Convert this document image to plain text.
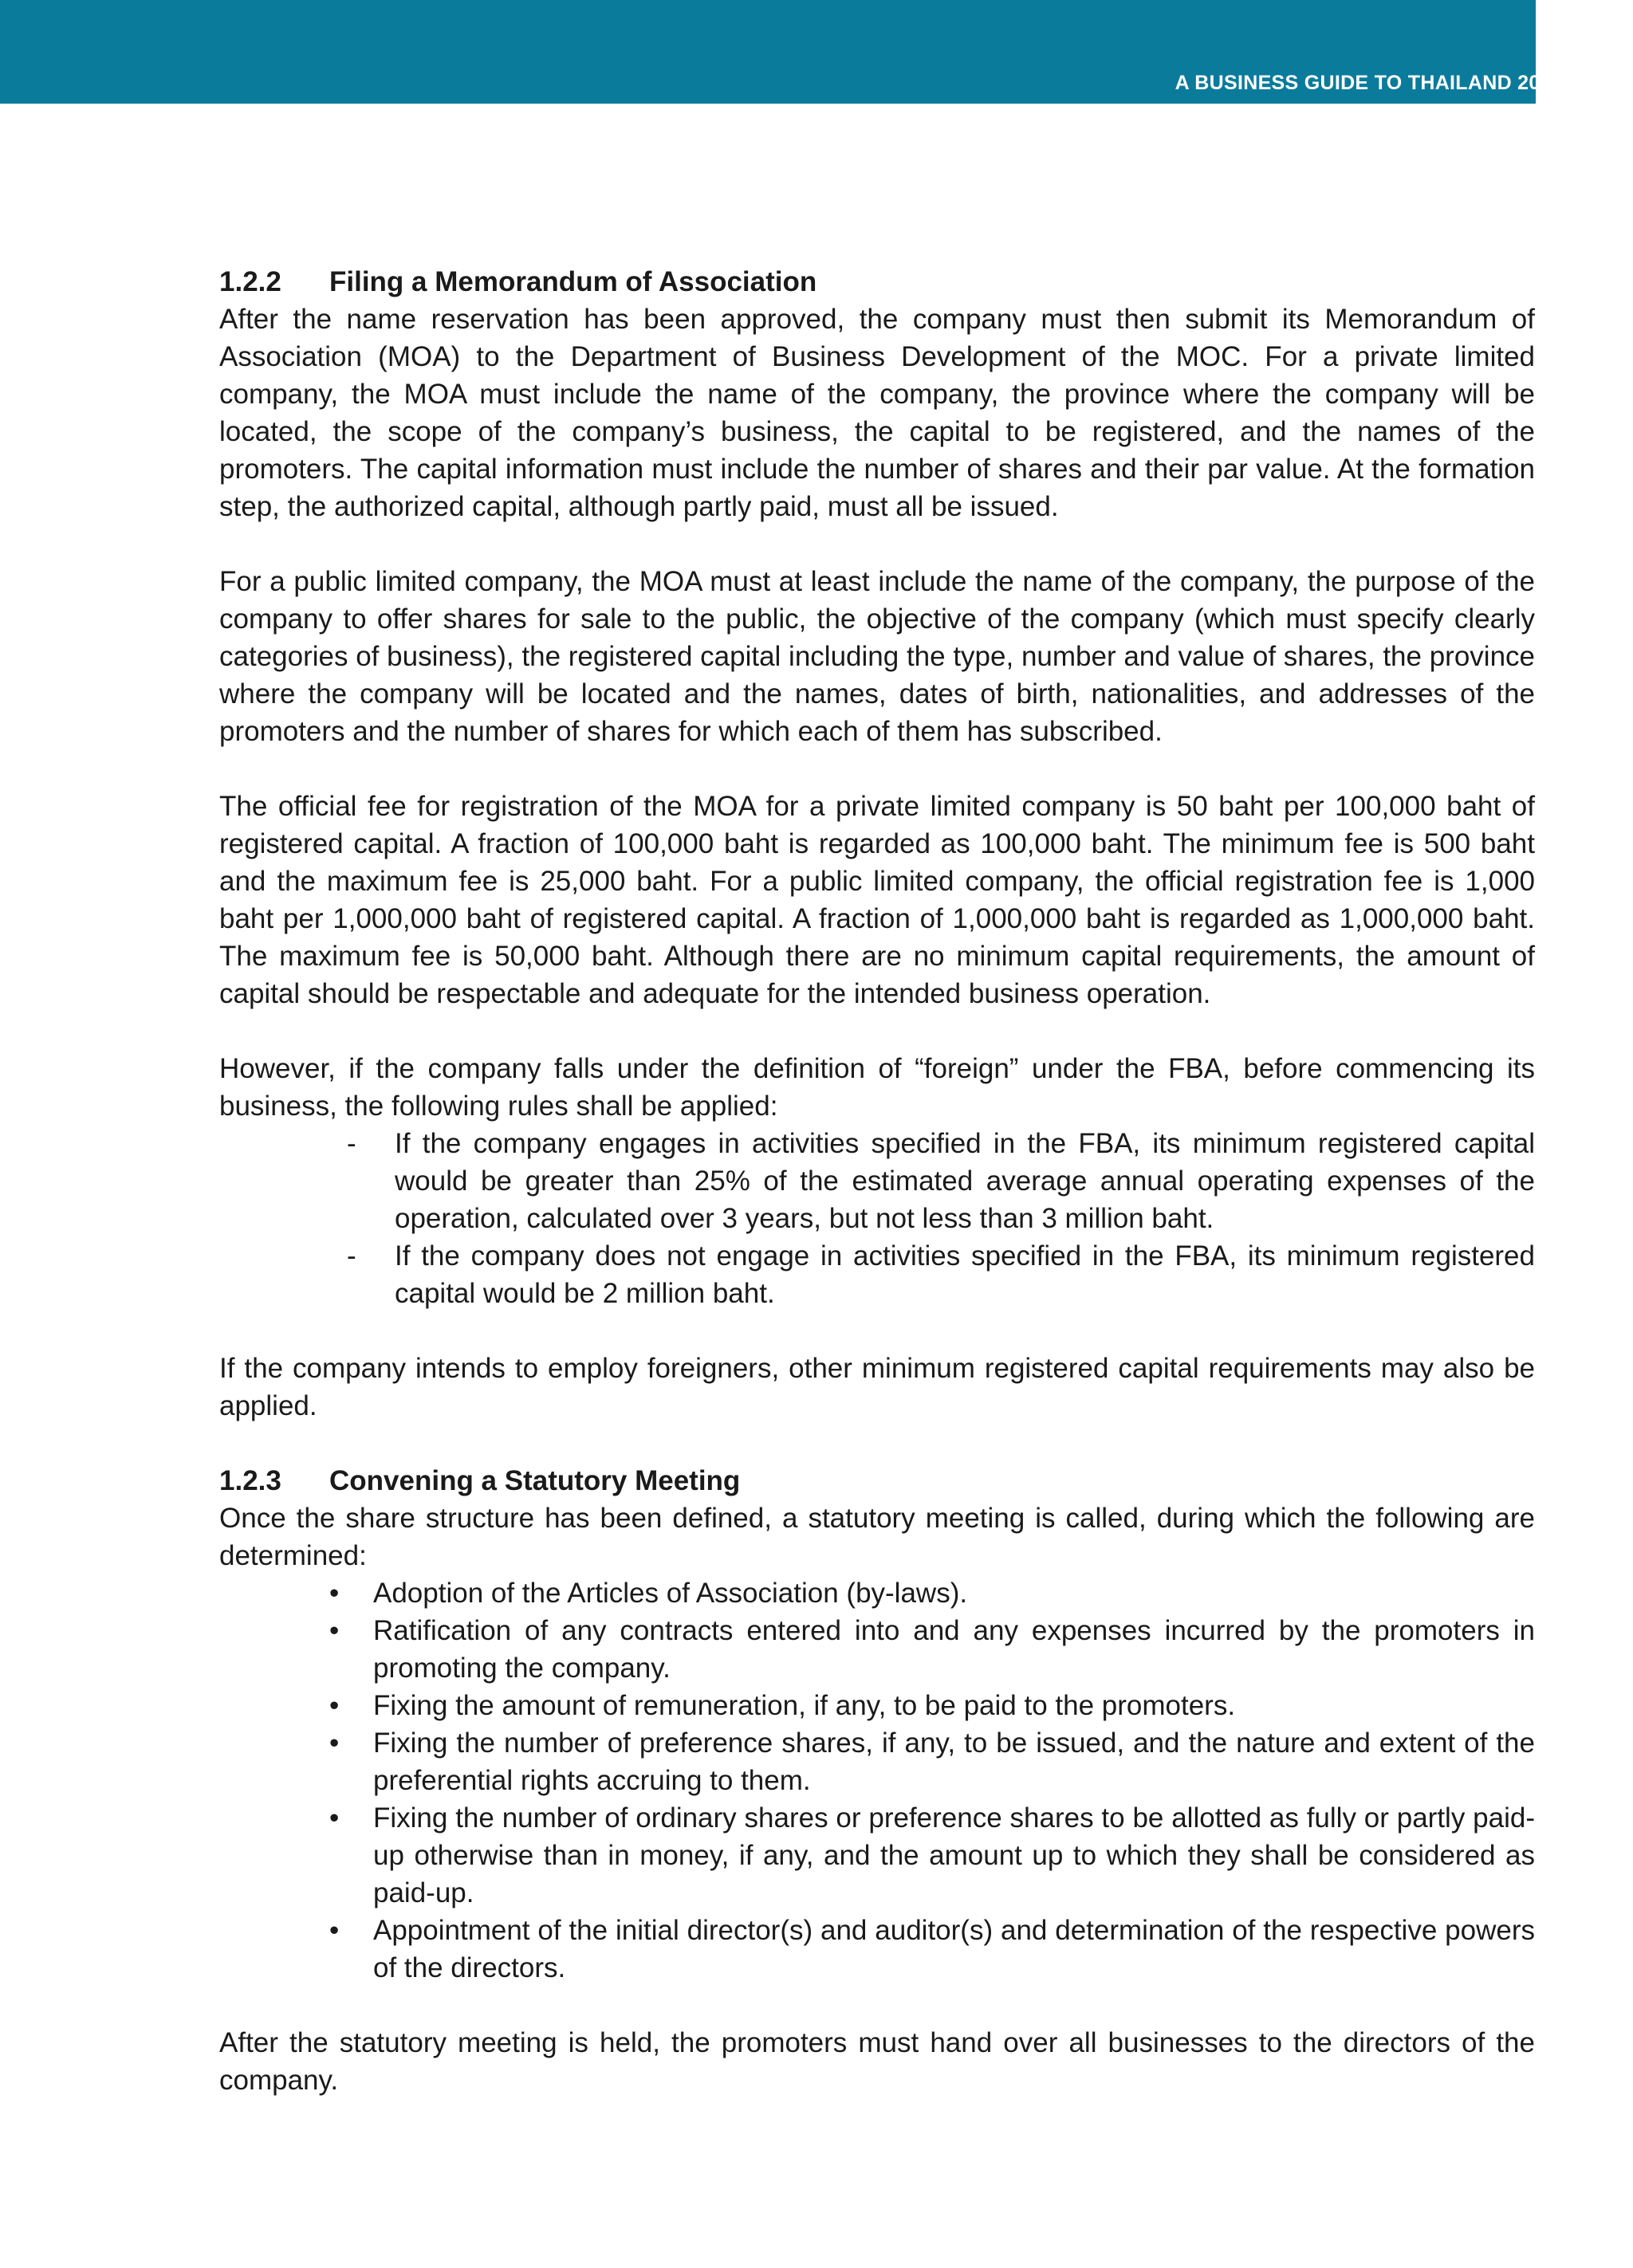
A BUSINESS GUIDE TO THAILAND 2014 9
1.2.2 Filing a Memorandum of Association

After the name reservation has been approved, the company must then submit its Memorandum of Association (MOA) to the Department of Business Development of the MOC. For a private limited company, the MOA must include the name of the company, the province where the company will be located, the scope of the company’s business, the capital to be registered, and the names of the promoters. The capital information must include the number of shares and their par value. At the formation step, the authorized capital, although partly paid, must all be issued.

For a public limited company, the MOA must at least include the name of the company, the purpose of the company to offer shares for sale to the public, the objective of the company (which must specify clearly categories of business), the registered capital including the type, number and value of shares, the province where the company will be located and the names, dates of birth, nationalities, and addresses of the promoters and the number of shares for which each of them has subscribed.

The official fee for registration of the MOA for a private limited company is 50 baht per 100,000 baht of registered capital. A fraction of 100,000 baht is regarded as 100,000 baht. The minimum fee is 500 baht and the maximum fee is 25,000 baht. For a public limited company, the official registration fee is 1,000 baht per 1,000,000 baht of registered capital. A fraction of 1,000,000 baht is regarded as 1,000,000 baht. The maximum fee is 50,000 baht. Although there are no minimum capital requirements, the amount of capital should be respectable and adequate for the intended business operation.

However, if the company falls under the definition of “foreign” under the FBA, before commencing its business, the following rules shall be applied:

- If the company engages in activities specified in the FBA, its minimum registered capital would be greater than 25% of the estimated average annual operating expenses of the operation, calculated over 3 years, but not less than 3 million baht.
- If the company does not engage in activities specified in the FBA, its minimum registered capital would be 2 million baht.

If the company intends to employ foreigners, other minimum registered capital requirements may also be applied.

1.2.3 Convening a Statutory Meeting

Once the share structure has been defined, a statutory meeting is called, during which the following are determined:

• Adoption of the Articles of Association (by-laws).
• Ratification of any contracts entered into and any expenses incurred by the promoters in promoting the company.
• Fixing the amount of remuneration, if any, to be paid to the promoters.
• Fixing the number of preference shares, if any, to be issued, and the nature and extent of the preferential rights accruing to them.
• Fixing the number of ordinary shares or preference shares to be allotted as fully or partly paid-up otherwise than in money, if any, and the amount up to which they shall be considered as paid-up.
• Appointment of the initial director(s) and auditor(s) and determination of the respective powers of the directors.

After the statutory meeting is held, the promoters must hand over all businesses to the directors of the company.
